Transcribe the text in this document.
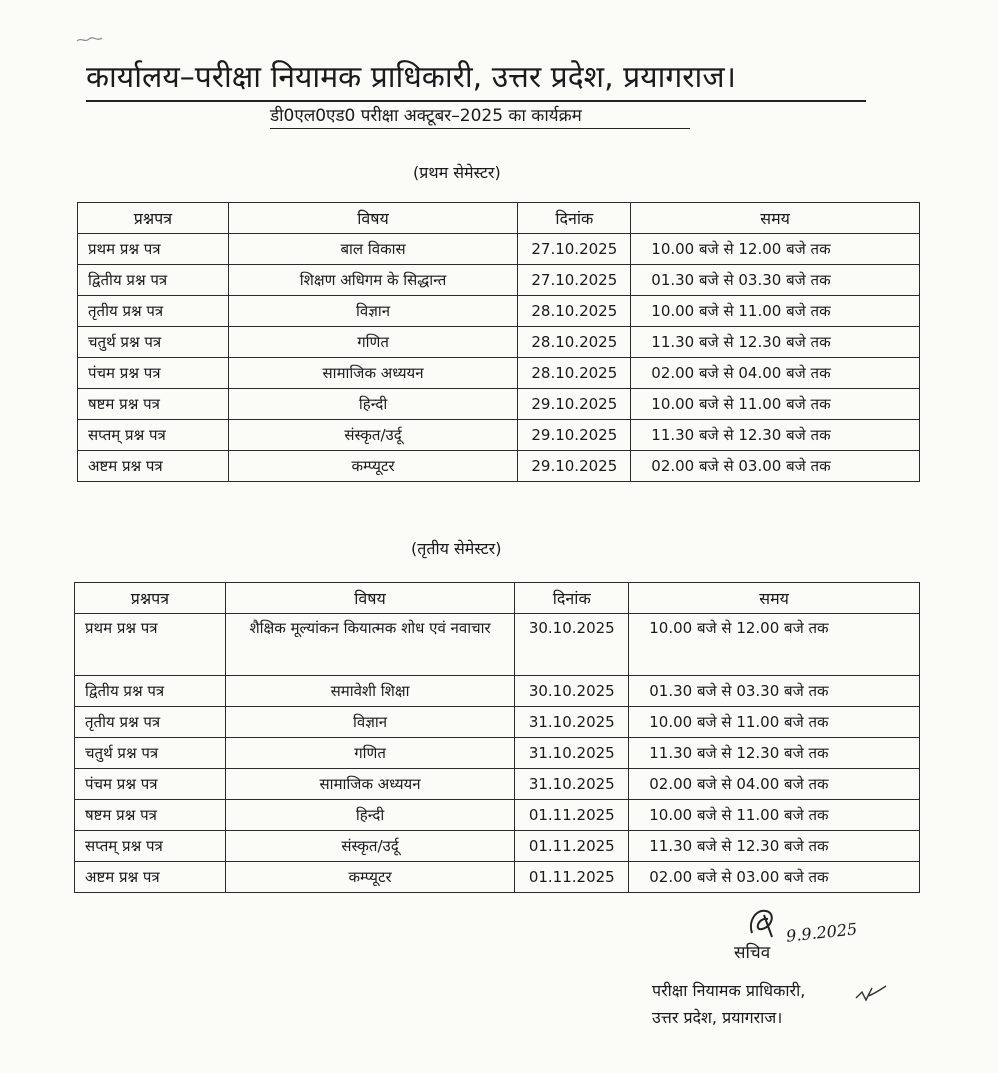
कार्यालय–परीक्षा नियामक प्राधिकारी, उत्तर प्रदेश, प्रयागराज।
डी0एल0एड0 परीक्षा अक्टूबर–2025 का कार्यक्रम
(प्रथम सेमेस्टर)
प्रश्नपत्र	विषय	दिनांक	समय
प्रथम प्रश्न पत्र	बाल विकास	27.10.2025	10.00 बजे से 12.00 बजे तक
द्वितीय प्रश्न पत्र	शिक्षण अधिगम के सिद्धान्त	27.10.2025	01.30 बजे से 03.30 बजे तक
तृतीय प्रश्न पत्र	विज्ञान	28.10.2025	10.00 बजे से 11.00 बजे तक
चतुर्थ प्रश्न पत्र	गणित	28.10.2025	11.30 बजे से 12.30 बजे तक
पंचम प्रश्न पत्र	सामाजिक अध्ययन	28.10.2025	02.00 बजे से 04.00 बजे तक
षष्टम प्रश्न पत्र	हिन्दी	29.10.2025	10.00 बजे से 11.00 बजे तक
सप्तम् प्रश्न पत्र	संस्कृत/उर्दू	29.10.2025	11.30 बजे से 12.30 बजे तक
अष्टम प्रश्न पत्र	कम्प्यूटर	29.10.2025	02.00 बजे से 03.00 बजे तक
(तृतीय सेमेस्टर)
प्रश्नपत्र	विषय	दिनांक	समय
प्रथम प्रश्न पत्र	शैक्षिक मूल्यांकन कियात्मक शोध एवं नवाचार	30.10.2025	10.00 बजे से 12.00 बजे तक
द्वितीय प्रश्न पत्र	समावेशी शिक्षा	30.10.2025	01.30 बजे से 03.30 बजे तक
तृतीय प्रश्न पत्र	विज्ञान	31.10.2025	10.00 बजे से 11.00 बजे तक
चतुर्थ प्रश्न पत्र	गणित	31.10.2025	11.30 बजे से 12.30 बजे तक
पंचम प्रश्न पत्र	सामाजिक अध्ययन	31.10.2025	02.00 बजे से 04.00 बजे तक
षष्टम प्रश्न पत्र	हिन्दी	01.11.2025	10.00 बजे से 11.00 बजे तक
सप्तम् प्रश्न पत्र	संस्कृत/उर्दू	01.11.2025	11.30 बजे से 12.30 बजे तक
अष्टम प्रश्न पत्र	कम्प्यूटर	01.11.2025	02.00 बजे से 03.00 बजे तक
9.9.2025
सचिव
परीक्षा नियामक प्राधिकारी,
उत्तर प्रदेश, प्रयागराज।
